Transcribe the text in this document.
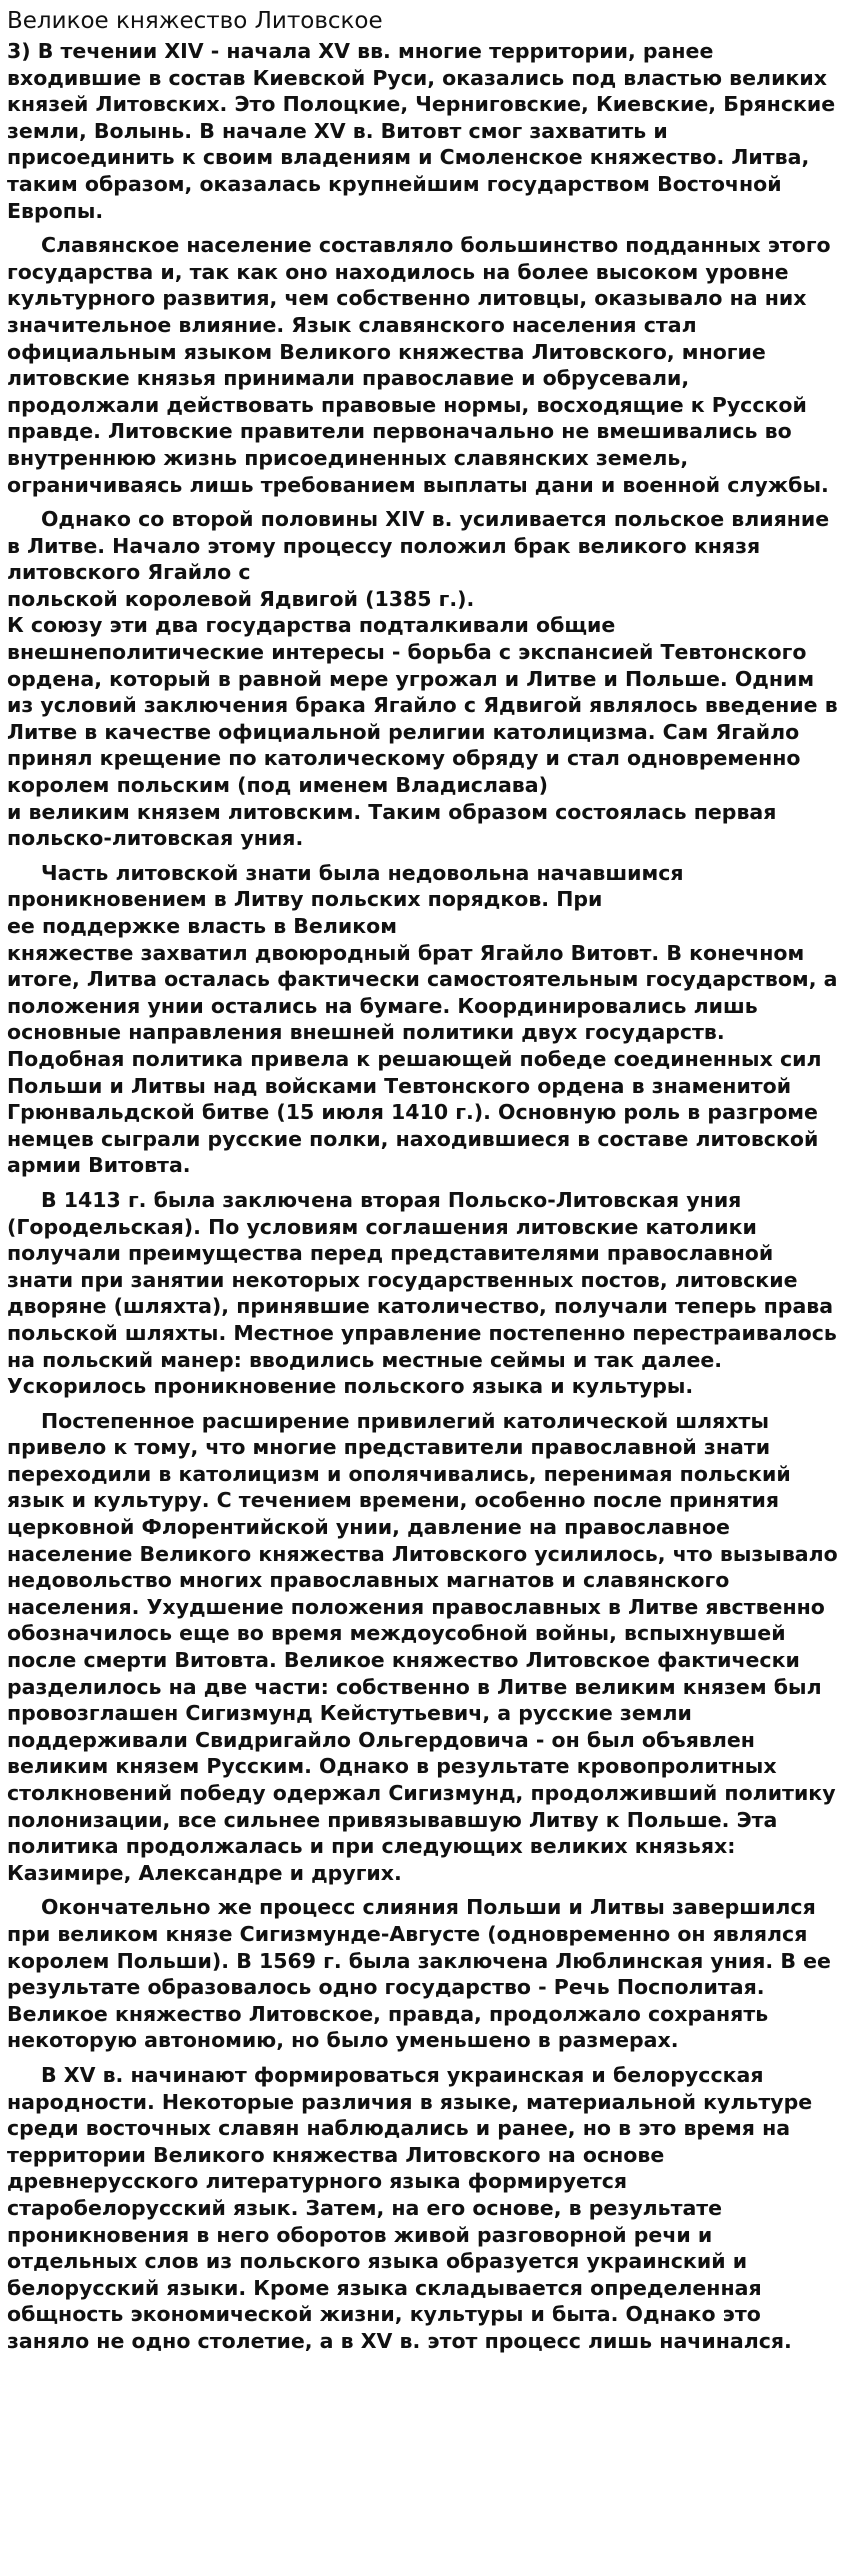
Великое княжество Литовское
3) В течении XIV - начала XV вв. многие территории, ранее входившие в состав Киевской Руси, оказались под властью великих князей Литовских. Это Полоцкие, Черниговские, Киевские, Брянские земли, Волынь. В начале XV в. Витовт смог захватить и присоединить к своим владениям и Смоленское княжество. Литва, таким образом, оказалась крупнейшим государством Восточной Европы.
Славянское население составляло большинство подданных этого государства и, так как оно находилось на более высоком уровне культурного развития, чем собственно литовцы, оказывало на них значительное влияние. Язык славянского населения стал официальным языком Великого княжества Литовского, многие литовские князья принимали православие и обрусевали, продолжали действовать правовые нормы, восходящие к Русской правде. Литовские правители первоначально не вмешивались во внутреннюю жизнь присоединенных славянских земель, ограничиваясь лишь требованием выплаты дани и военной службы.
Однако со второй половины XIV в. усиливается польское влияние в Литве. Начало этому процессу положил брак великого князя литовского Ягайло с
польской королевой Ядвигой (1385 г.).
К союзу эти два государства подталкивали общие внешнеполитические интересы - борьба с экспансией Тевтонского ордена, который в равной мере угрожал и Литве и Польше. Одним из условий заключения брака Ягайло с Ядвигой являлось введение в Литве в качестве официальной религии католицизма. Сам Ягайло принял крещение по католическому обряду и стал одновременно
королем польским (под именем Владислава)
и великим князем литовским. Таким образом состоялась первая польско-литовская уния.
Часть литовской знати была недовольна начавшимся проникновением в Литву польских порядков. При
ее поддержке власть в Великом
княжестве захватил двоюродный брат Ягайло Витовт. В конечном итоге, Литва осталась фактически самостоятельным государством, а положения унии остались на бумаге. Координировались лишь основные направления внешней политики двух государств. Подобная политика привела к решающей победе соединенных сил Польши и Литвы над войсками Тевтонского ордена в знаменитой Грюнвальдской битве (15 июля 1410 г.). Основную роль в разгроме немцев сыграли русские полки, находившиеся в составе литовской армии Витовта.
В 1413 г. была заключена вторая Польско-Литовская уния (Городельская). По условиям соглашения литовские католики получали преимущества перед представителями православной знати при занятии некоторых государственных постов, литовские дворяне (шляхта), принявшие католичество, получали теперь права польской шляхты. Местное управление постепенно перестраивалось на польский манер: вводились местные сеймы и так далее. Ускорилось проникновение польского языка и культуры.
Постепенное расширение привилегий католической шляхты привело к тому, что многие представители православной знати переходили в католицизм и ополячивались, перенимая польский язык и культуру. С течением времени, особенно после принятия церковной Флорентийской унии, давление на православное население Великого княжества Литовского усилилось, что вызывало недовольство многих православных магнатов и славянского населения. Ухудшение положения православных в Литве явственно обозначилось еще во время междоусобной войны, вспыхнувшей после смерти Витовта. Великое княжество Литовское фактически разделилось на две части: собственно в Литве великим князем был провозглашен Сигизмунд Кейстутьевич, а русские земли поддерживали Свидригайло Ольгердовича - он был объявлен великим князем Русским. Однако в результате кровопролитных столкновений победу одержал Сигизмунд, продолживший политику полонизации, все сильнее привязывавшую Литву к Польше. Эта политика продолжалась и при следующих великих князьях: Казимире, Александре и других.
Окончательно же процесс слияния Польши и Литвы завершился при великом князе Сигизмунде-Августе (одновременно он являлся королем Польши). В 1569 г. была заключена Люблинская уния. В ее результате образовалось одно государство - Речь Посполитая. Великое княжество Литовское, правда, продолжало сохранять некоторую автономию, но было уменьшено в размерах.
В XV в. начинают формироваться украинская и белорусская народности. Некоторые различия в языке, материальной культуре среди восточных славян наблюдались и ранее, но в это время на территории Великого княжества Литовского на основе древнерусского литературного языка формируется старобелорусский язык. Затем, на его основе, в результате проникновения в него оборотов живой разговорной речи и отдельных слов из польского языка образуется украинский и белорусский языки. Кроме языка складывается определенная общность экономической жизни, культуры и быта. Однако это заняло не одно столетие, а в XV в. этот процесс лишь начинался.
